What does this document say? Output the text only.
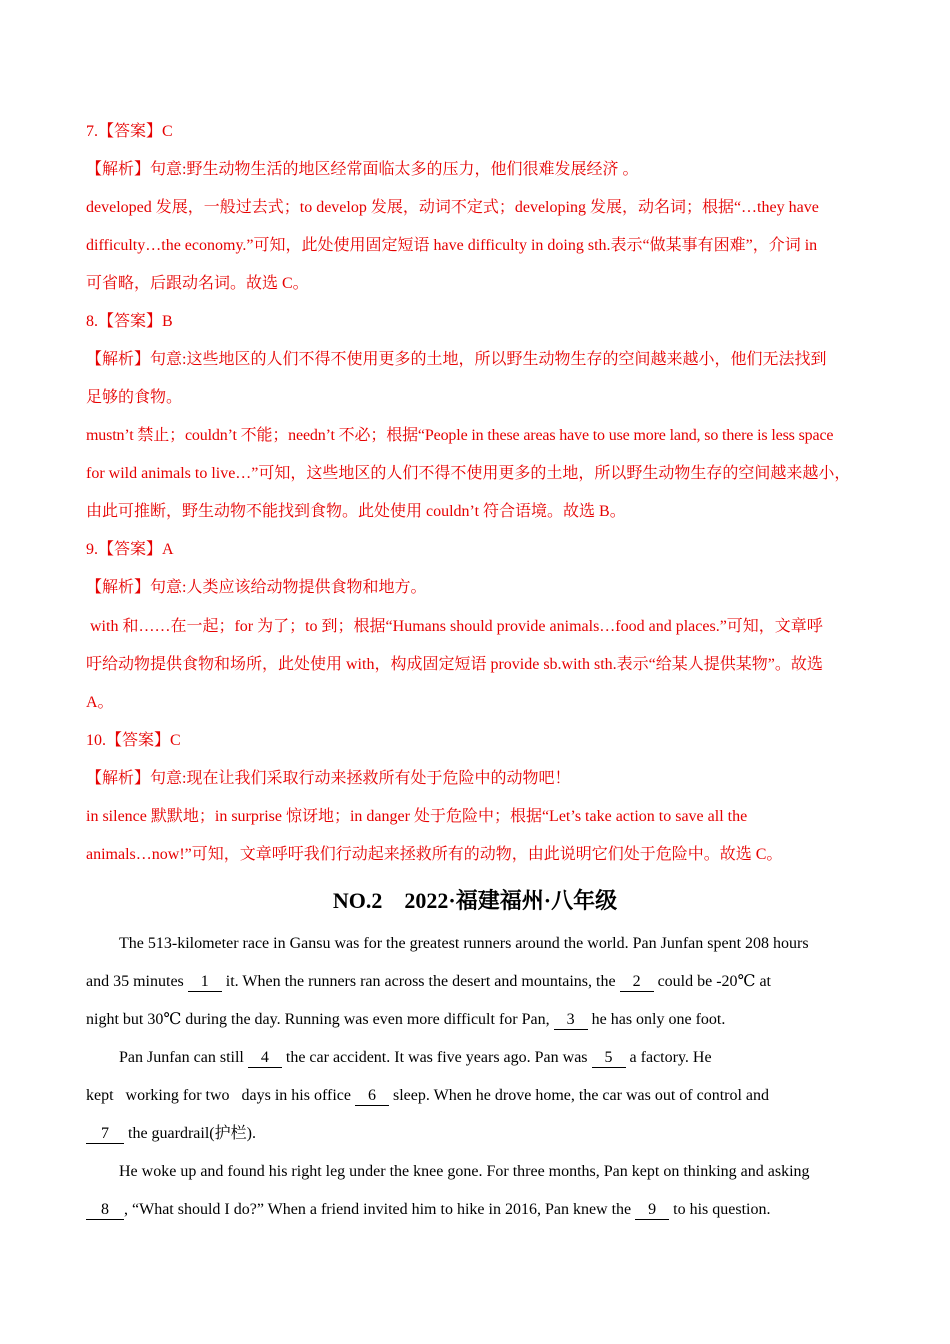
7.【答案】C
【解析】句意:野生动物生活的地区经常面临太多的压力，他们很难发展经济 。
developed 发展，一般过去式；to develop 发展，动词不定式；developing 发展，动名词；根据“…they have
difficulty…the economy.”可知，此处使用固定短语 have difficulty in doing sth.表示“做某事有困难”，介词 in
可省略，后跟动名词。故选 C。
8.【答案】B
【解析】句意:这些地区的人们不得不使用更多的土地，所以野生动物生存的空间越来越小，他们无法找到
足够的食物。
mustn’t 禁止；couldn’t 不能；needn’t 不必；根据“People in these areas have to use more land, so there is less space
for wild animals to live…”可知，这些地区的人们不得不使用更多的土地，所以野生动物生存的空间越来越小，
由此可推断，野生动物不能找到食物。此处使用 couldn’t 符合语境。故选 B。
9.【答案】A
【解析】句意:人类应该给动物提供食物和地方。
with 和……在一起；for 为了；to 到；根据“Humans should provide animals…food and places.”可知，文章呼
吁给动物提供食物和场所，此处使用 with，构成固定短语 provide sb.with sth.表示“给某人提供某物”。故选
A。
10.【答案】C
【解析】句意:现在让我们采取行动来拯救所有处于危险中的动物吧！
in silence 默默地；in surprise 惊讶地；in danger 处于危险中；根据“Let’s take action to save all the
animals…now!”可知，文章呼吁我们行动起来拯救所有的动物，由此说明它们处于危险中。故选 C。
NO.2　2022·福建福州·八年级
The 513-kilometer race in Gansu was for the greatest runners around the world. Pan Junfan spent 208 hours
and 35 minutes 1 it. When the runners ran across the desert and mountains, the 2 could be -20℃ at
night but 30℃ during the day. Running was even more difficult for Pan, 3 he has only one foot.
Pan Junfan can still 4 the car accident. It was five years ago. Pan was 5 a factory. He
kept   working for two   days in his office 6 sleep. When he drove home, the car was out of control and
7 the guardrail(护栏).
He woke up and found his right leg under the knee gone. For three months, Pan kept on thinking and asking
8 , “What should I do?” When a friend invited him to hike in 2016, Pan knew the 9 to his question.
